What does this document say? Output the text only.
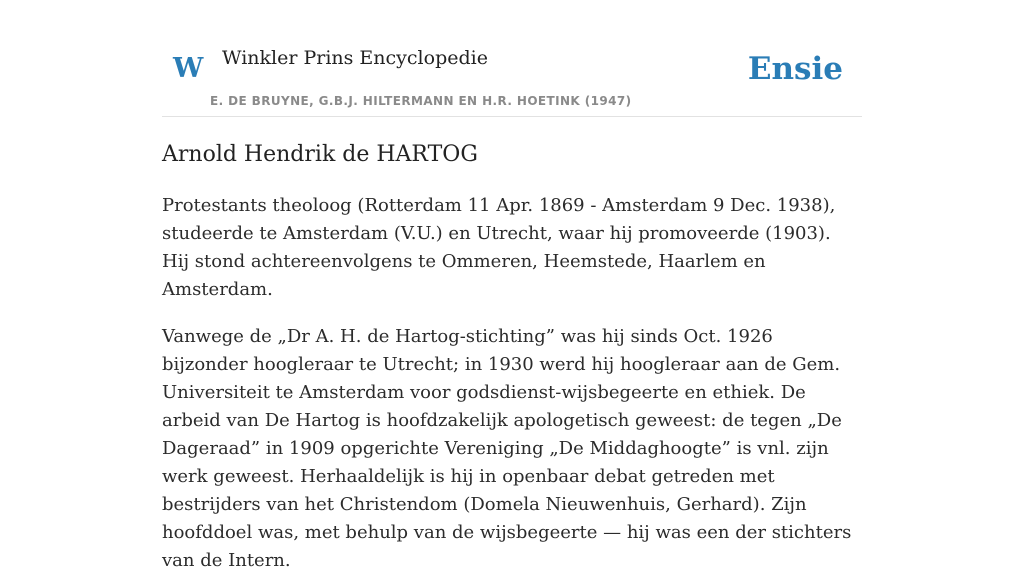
W Winkler Prins Encyclopedie
E. DE BRUYNE, G.B.J. HILTERMANN EN H.R. HOETINK (1947)
Ensie
Arnold Hendrik de HARTOG

Protestants theoloog (Rotterdam 11 Apr. 1869 - Amsterdam 9 Dec. 1938), studeerde te Amsterdam (V.U.) en Utrecht, waar hij promoveerde (1903). Hij stond achtereenvolgens te Ommeren, Heemstede, Haarlem en Amsterdam.

Vanwege de „Dr A. H. de Hartog-stichting” was hij sinds Oct. 1926 bijzonder hoogleraar te Utrecht; in 1930 werd hij hoogleraar aan de Gem. Universiteit te Amsterdam voor godsdienst-wijsbegeerte en ethiek. De arbeid van De Hartog is hoofdzakelijk apologetisch geweest: de tegen „De Dageraad” in 1909 opgerichte Vereniging „De Middaghoogte” is vnl. zijn werk geweest. Herhaaldelijk is hij in openbaar debat getreden met bestrijders van het Christendom (Domela Nieuwenhuis, Gerhard). Zijn hoofddoel was, met behulp van de wijsbegeerte — hij was een der stichters van de Intern.
